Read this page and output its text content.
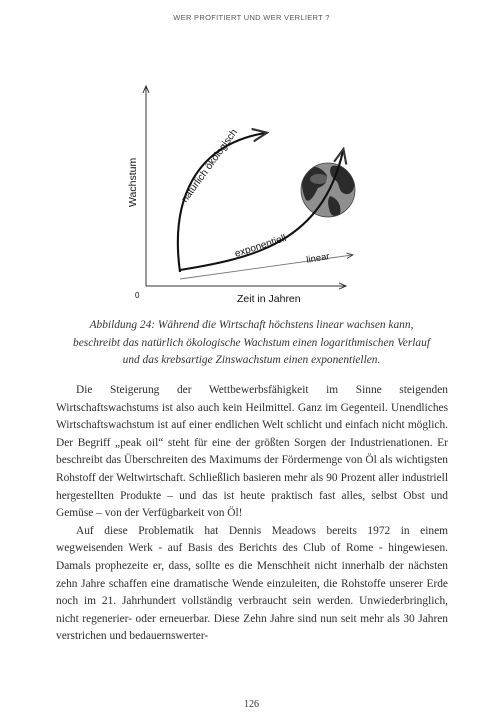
WER PROFITIERT UND WER VERLIERT ?
Wachstum
Zeit in Jahren
0
natürlich ökologisch
exponentiell linear
Abbildung 24: Während die Wirtschaft höchstens linear wachsen kann, beschreibt das natürlich ökologische Wachstum einen logarithmischen Verlauf und das krebsartige Zinswachstum einen exponentiellen.

Die Steigerung der Wettbewerbsfähigkeit im Sinne steigenden Wirtschaftswachstums ist also auch kein Heilmittel. Ganz im Gegenteil. Unendliches Wirtschaftswachstum ist auf einer endlichen Welt schlicht und einfach nicht möglich. Der Begriff „peak oil“ steht für eine der größten Sorgen der Industrienationen. Er beschreibt das Überschreiten des Maximums der Fördermenge von Öl als wichtigsten Rohstoff der Weltwirtschaft. Schließlich basieren mehr als 90 Prozent aller industriell hergestellten Produkte – und das ist heute praktisch fast alles, selbst Obst und Gemüse – von der Verfügbarkeit von Öl!

Auf diese Problematik hat Dennis Meadows bereits 1972 in einem wegweisenden Werk - auf Basis des Berichts des Club of Rome - hingewiesen. Damals prophezeite er, dass, sollte es die Menschheit nicht innerhalb der nächsten zehn Jahre schaffen eine dramatische Wende einzuleiten, die Rohstoffe unserer Erde noch im 21. Jahrhundert vollständig verbraucht sein werden. Unwiederbringlich, nicht regenerier- oder erneuerbar. Diese Zehn Jahre sind nun seit mehr als 30 Jahren verstrichen und bedauernswerter-

126
